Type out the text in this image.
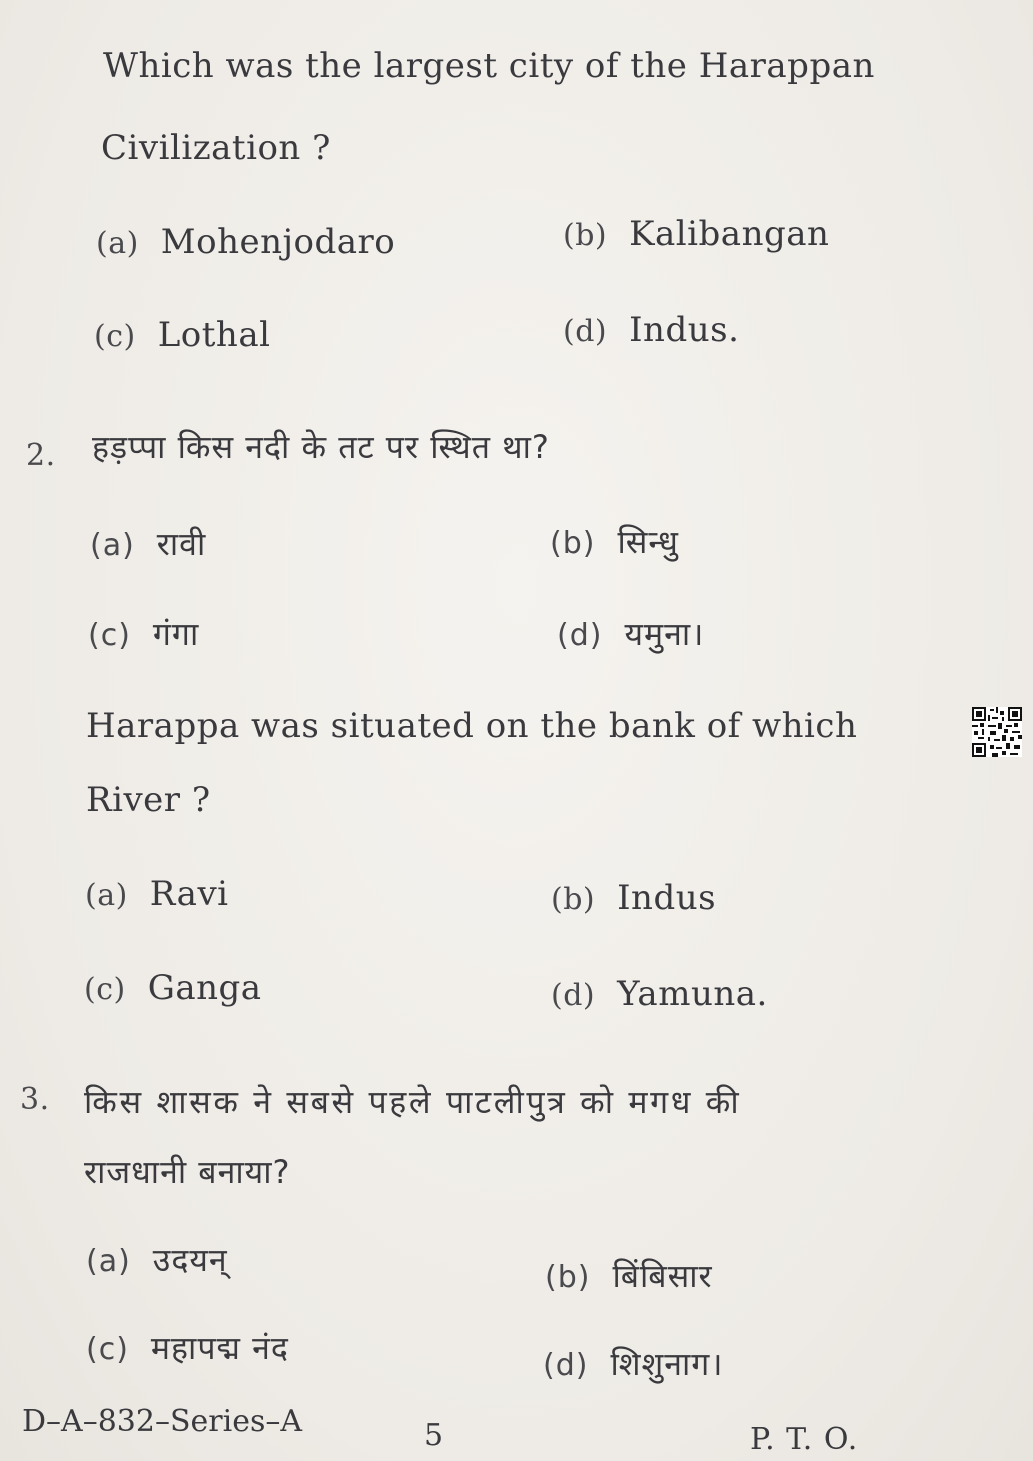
Which was the largest city of the Harappan
Civilization ?
(a) Mohenjodaro	(b) Kalibangan
(c) Lothal	(d) Indus.
2. हड़प्पा किस नदी के तट पर स्थित था?
(a) रावी	(b) सिन्धु
(c) गंगा	(d) यमुना।
Harappa was situated on the bank of which
River ?
(a) Ravi	(b) Indus
(c) Ganga	(d) Yamuna.
3. किस शासक ने सबसे पहले पाटलीपुत्र को मगध की
राजधानी बनाया?
(a) उदयन्	(b) बिंबिसार
(c) महापद्म नंद	(d) शिशुनाग।
D–A–832–Series–A	5	P. T. O.
